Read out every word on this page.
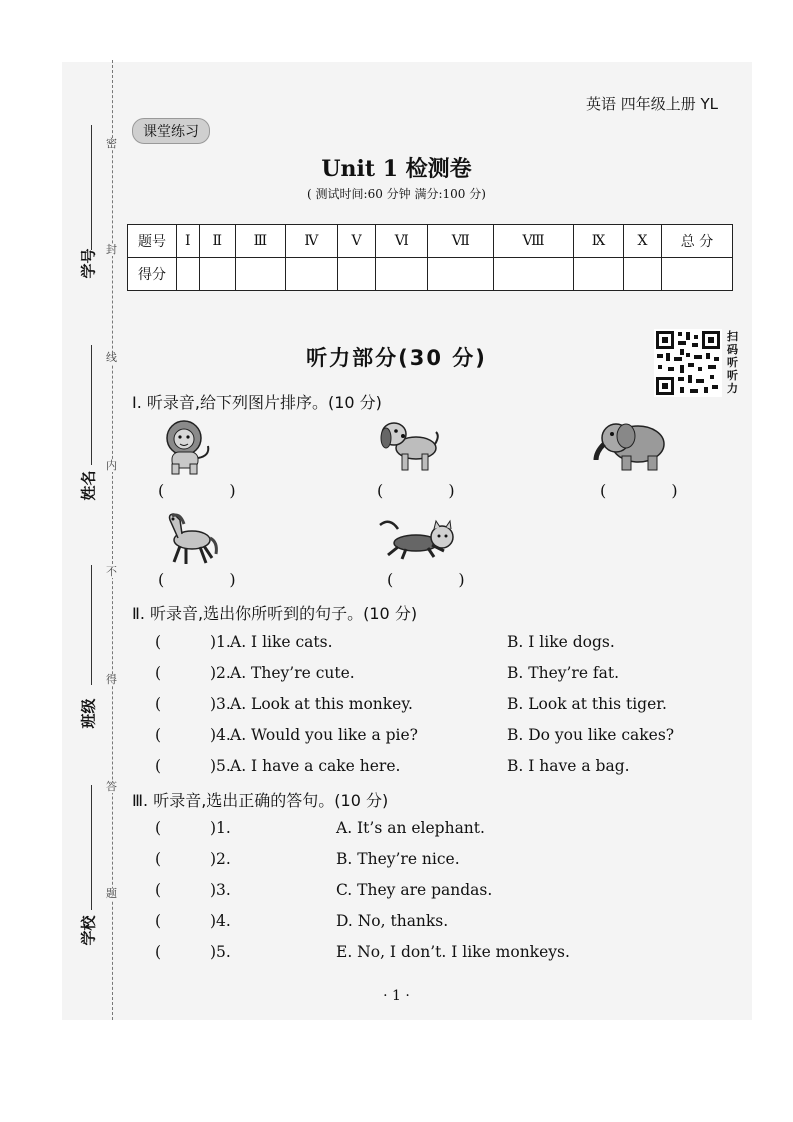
密
封
线
内
不
得
答
题
学号
姓名
班级
学校
英语 四年级上册 YL
课堂练习
Unit 1 检测卷
( 测试时间:60 分钟 满分:100 分)
题号	Ⅰ	Ⅱ	Ⅲ	Ⅳ	Ⅴ	Ⅵ	Ⅶ	Ⅷ	Ⅸ	Ⅹ	总 分
得分											
听力部分(30 分)
扫码听听力
Ⅰ. 听录音,给下列图片排序。(10 分)
( )	( )	( )
( )	( )
Ⅱ. 听录音,选出你所听到的句子。(10 分)
(	)1. A. I like cats.	B. I like dogs.
(	)2. A. They’re cute.	B. They’re fat.
(	)3. A. Look at this monkey.	B. Look at this tiger.
(	)4. A. Would you like a pie?	B. Do you like cakes?
(	)5. A. I have a cake here.	B. I have a bag.
Ⅲ. 听录音,选出正确的答句。(10 分)
(	)1.	A. It’s an elephant.
(	)2.	B. They’re nice.
(	)3.	C. They are pandas.
(	)4.	D. No, thanks.
(	)5.	E. No, I don’t. I like monkeys.
· 1 ·
